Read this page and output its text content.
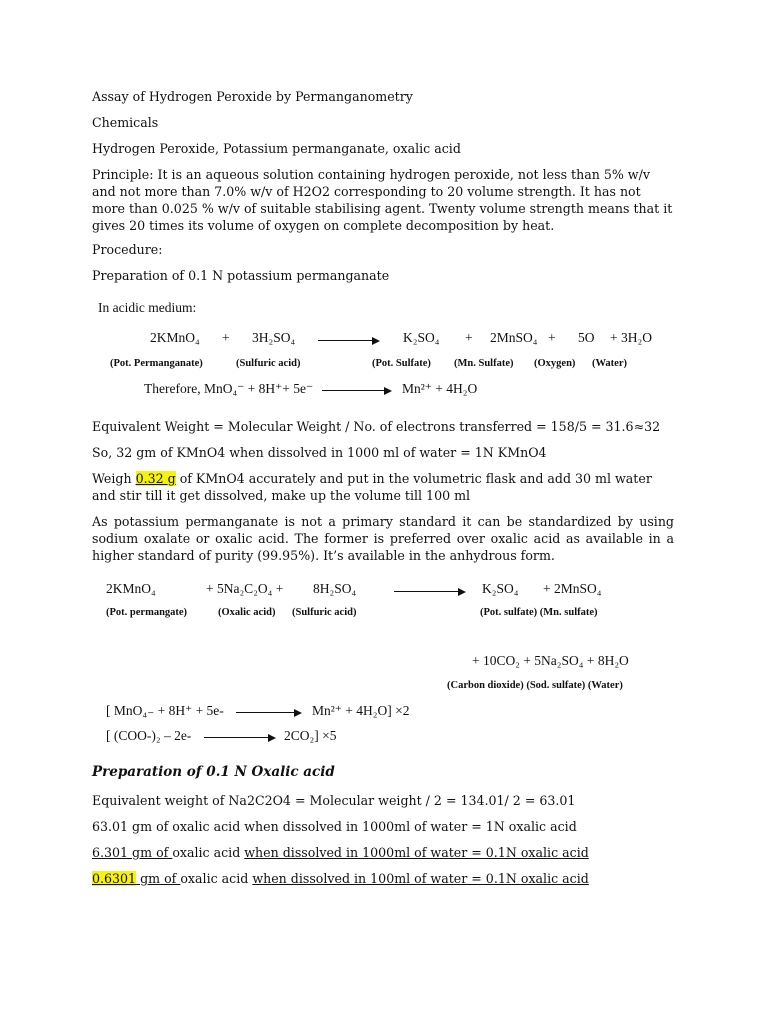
Assay of Hydrogen Peroxide by Permanganometry

Chemicals

Hydrogen Peroxide, Potassium permanganate, oxalic acid

Principle: It is an aqueous solution containing hydrogen peroxide, not less than 5% w/v and not more than 7.0% w/v of H2O2 corresponding to 20 volume strength. It has not more than 0.025 % w/v of suitable stabilising agent. Twenty volume strength means that it gives 20 times its volume of oxygen on complete decomposition by heat.

Procedure:

Preparation of 0.1 N potassium permanganate

In acidic medium:
2KMnO₄ + 3H₂SO₄	K₂SO₄ + 2MnSO₄ + 5O + 3H₂O
(Pot. Permanganate)	(Sulfuric acid)	(Pot. Sulfate) (Mn. Sulfate) (Oxygen) (Water)
Therefore, MnO₄⁻ + 8H⁺+ 5e⁻	Mn²⁺ + 4H₂O

Equivalent Weight = Molecular Weight / No. of electrons transferred = 158/5 = 31.6≈32

So, 32 gm of KMnO4 when dissolved in 1000 ml of water = 1N KMnO4

Weigh 0.32 g of KMnO4 accurately and put in the volumetric flask and add 30 ml water and stir till it get dissolved, make up the volume till 100 ml

As potassium permanganate is not a primary standard it can be standardized by using sodium oxalate or oxalic acid. The former is preferred over oxalic acid as available in a higher standard of purity (99.95%). It’s available in the anhydrous form.

2KMnO₄	+ 5Na₂C₂O₄ + 8H₂SO₄	K₂SO₄ + 2MnSO₄
(Pot. permangate)	(Oxalic acid) (Sulfuric acid)	(Pot. sulfate) (Mn. sulfate)
+ 10CO₂ + 5Na₂SO₄ + 8H₂O
(Carbon dioxide) (Sod. sulfate) (Water)
[ MnO₄₋ + 8H⁺ + 5e-	Mn²⁺ + 4H₂O] ×2
[ (COO-)₂ – 2e-	2CO₂] ×5
Preparation of 0.1 N Oxalic acid

Equivalent weight of Na2C2O4 = Molecular weight / 2 = 134.01/ 2 = 63.01

63.01 gm of oxalic acid when dissolved in 1000ml of water = 1N oxalic acid

6.301 gm of oxalic acid when dissolved in 1000ml of water = 0.1N oxalic acid

0.6301 gm of oxalic acid when dissolved in 100ml of water = 0.1N oxalic acid
